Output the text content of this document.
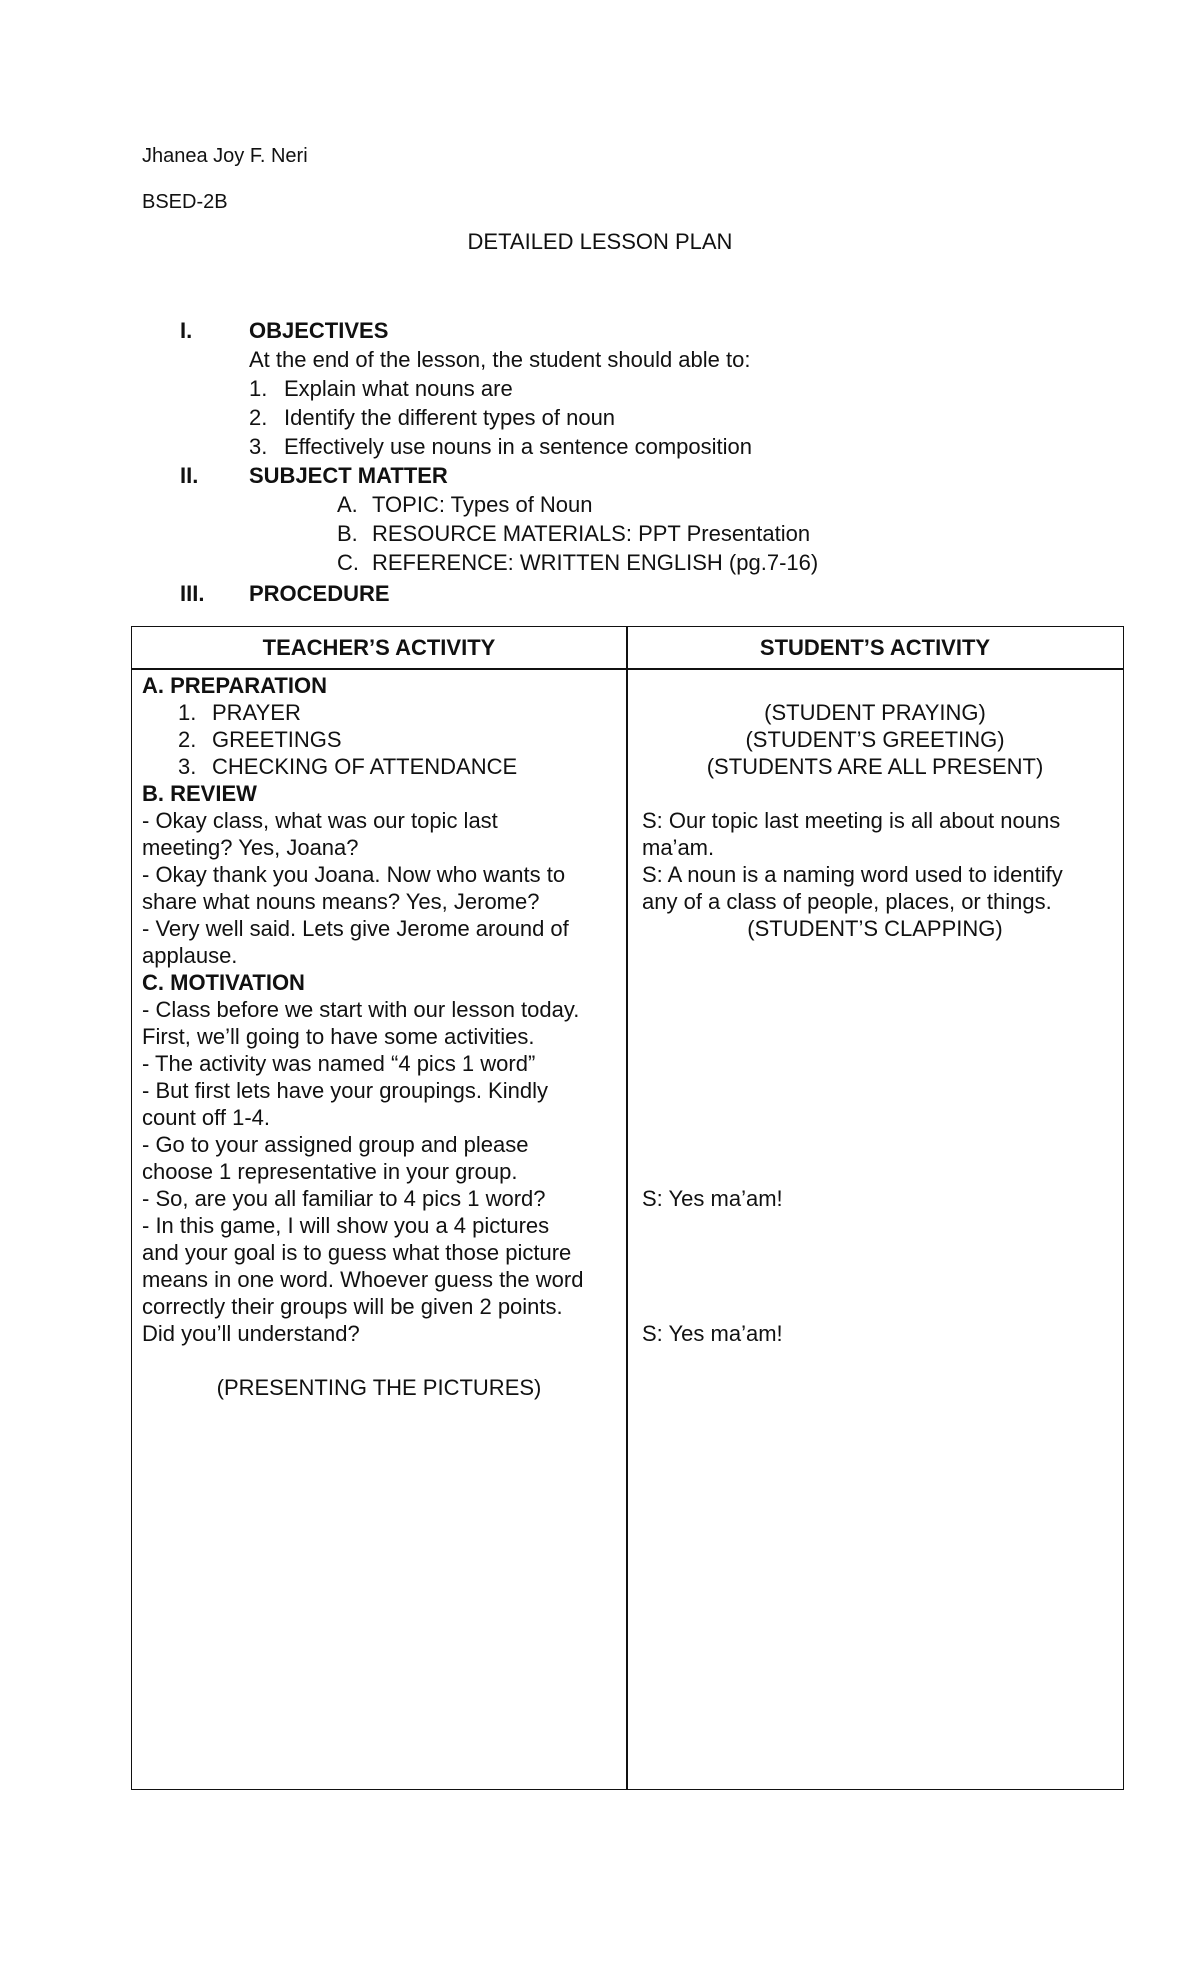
Jhanea Joy F. Neri

BSED-2B

DETAILED LESSON PLAN

I.	OBJECTIVES

At the end of the lesson, the student should able to:

1. Explain what nouns are

2. Identify the different types of noun

3. Effectively use nouns in a sentence composition

II. SUBJECT MATTER

A. TOPIC: Types of Noun

B. RESOURCE MATERIALS: PPT Presentation

C. REFERENCE: WRITTEN ENGLISH (pg.7-16)

III. PROCEDURE

TEACHER’S ACTIVITY	STUDENT’S ACTIVITY
A. PREPARATION
1. PRAYER
2. GREETINGS
3. CHECKING OF ATTENDANCE
B. REVIEW
- Okay class, what was our topic last
meeting? Yes, Joana?
- Okay thank you Joana. Now who wants to
share what nouns means? Yes, Jerome?
- Very well said. Lets give Jerome around of
applause.
C. MOTIVATION
- Class before we start with our lesson today.
First, we’ll going to have some activities.
- The activity was named “4 pics 1 word”
- But first lets have your groupings. Kindly
count off 1-4.
- Go to your assigned group and please
choose 1 representative in your group.
- So, are you all familiar to 4 pics 1 word?
- In this game, I will show you a 4 pictures
and your goal is to guess what those picture
means in one word. Whoever guess the word
correctly their groups will be given 2 points.
Did you’ll understand?
(PRESENTING THE PICTURES)
(STUDENT PRAYING)
(STUDENT’S GREETING)
(STUDENTS ARE ALL PRESENT)
S: Our topic last meeting is all about nouns
ma’am.
S: A noun is a naming word used to identify
any of a class of people, places, or things.
(STUDENT’S CLAPPING)
S: Yes ma’am!
S: Yes ma’am!
